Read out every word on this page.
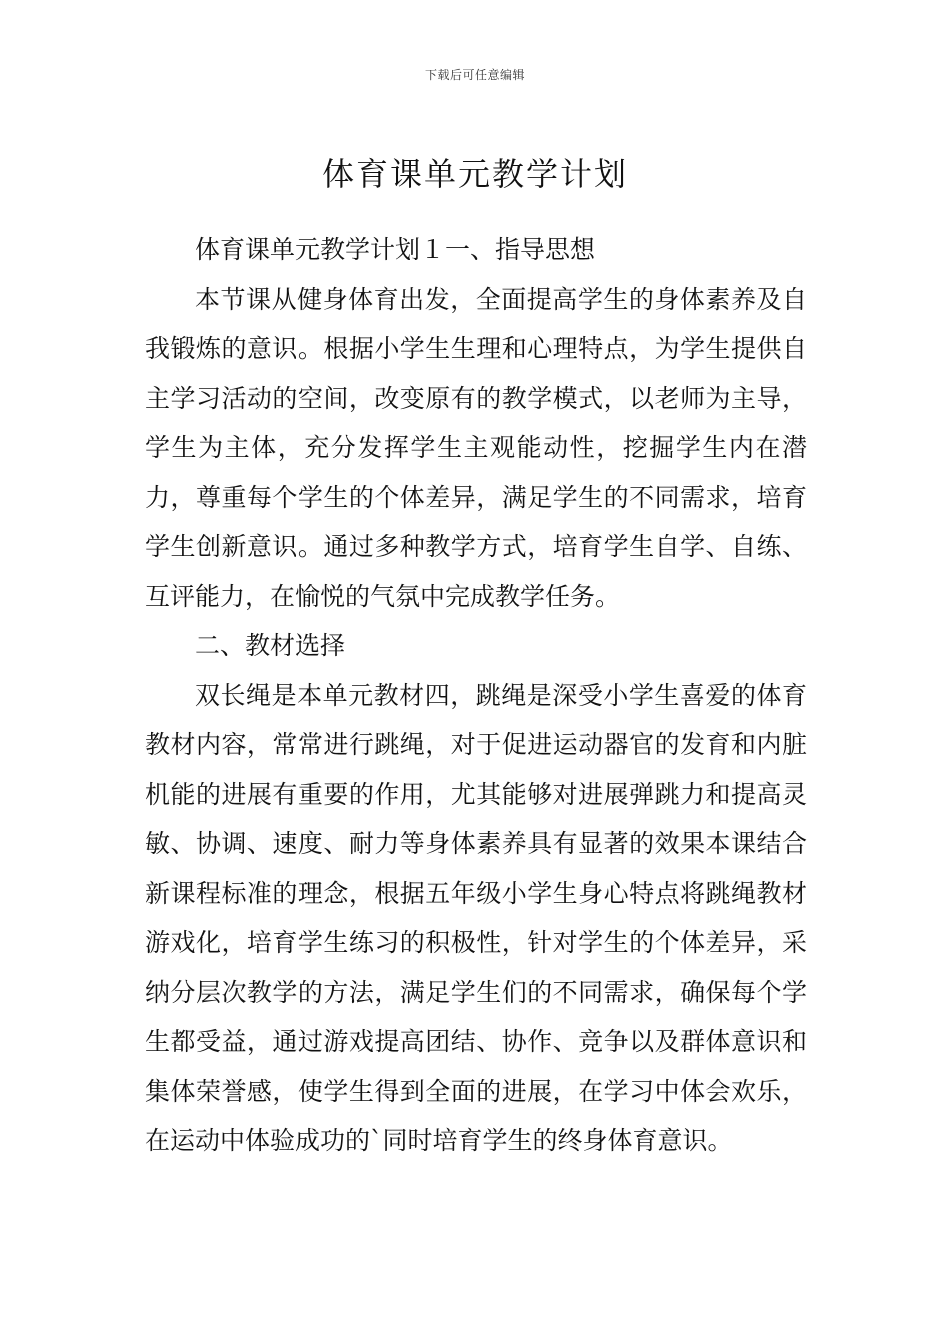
下载后可任意编辑
体育课单元教学计划

体育课单元教学计划１一、指导思想

本节课从健身体育出发，全面提高学生的身体素养及自我锻炼的意识。根据小学生生理和心理特点，为学生提供自主学习活动的空间，改变原有的教学模式，以老师为主导，学生为主体，充分发挥学生主观能动性，挖掘学生内在潜力，尊重每个学生的个体差异，满足学生的不同需求，培育学生创新意识。通过多种教学方式，培育学生自学、自练、互评能力，在愉悦的气氛中完成教学任务。

二、教材选择

双长绳是本单元教材四，跳绳是深受小学生喜爱的体育教材内容，常常进行跳绳，对于促进运动器官的发育和内脏机能的进展有重要的作用，尤其能够对进展弹跳力和提高灵敏、协调、速度、耐力等身体素养具有显著的效果本课结合新课程标准的理念，根据五年级小学生身心特点将跳绳教材游戏化，培育学生练习的积极性，针对学生的个体差异，采纳分层次教学的方法，满足学生们的不同需求，确保每个学生都受益，通过游戏提高团结、协作、竞争以及群体意识和集体荣誉感，使学生得到全面的进展，在学习中体会欢乐，在运动中体验成功的`同时培育学生的终身体育意识。
